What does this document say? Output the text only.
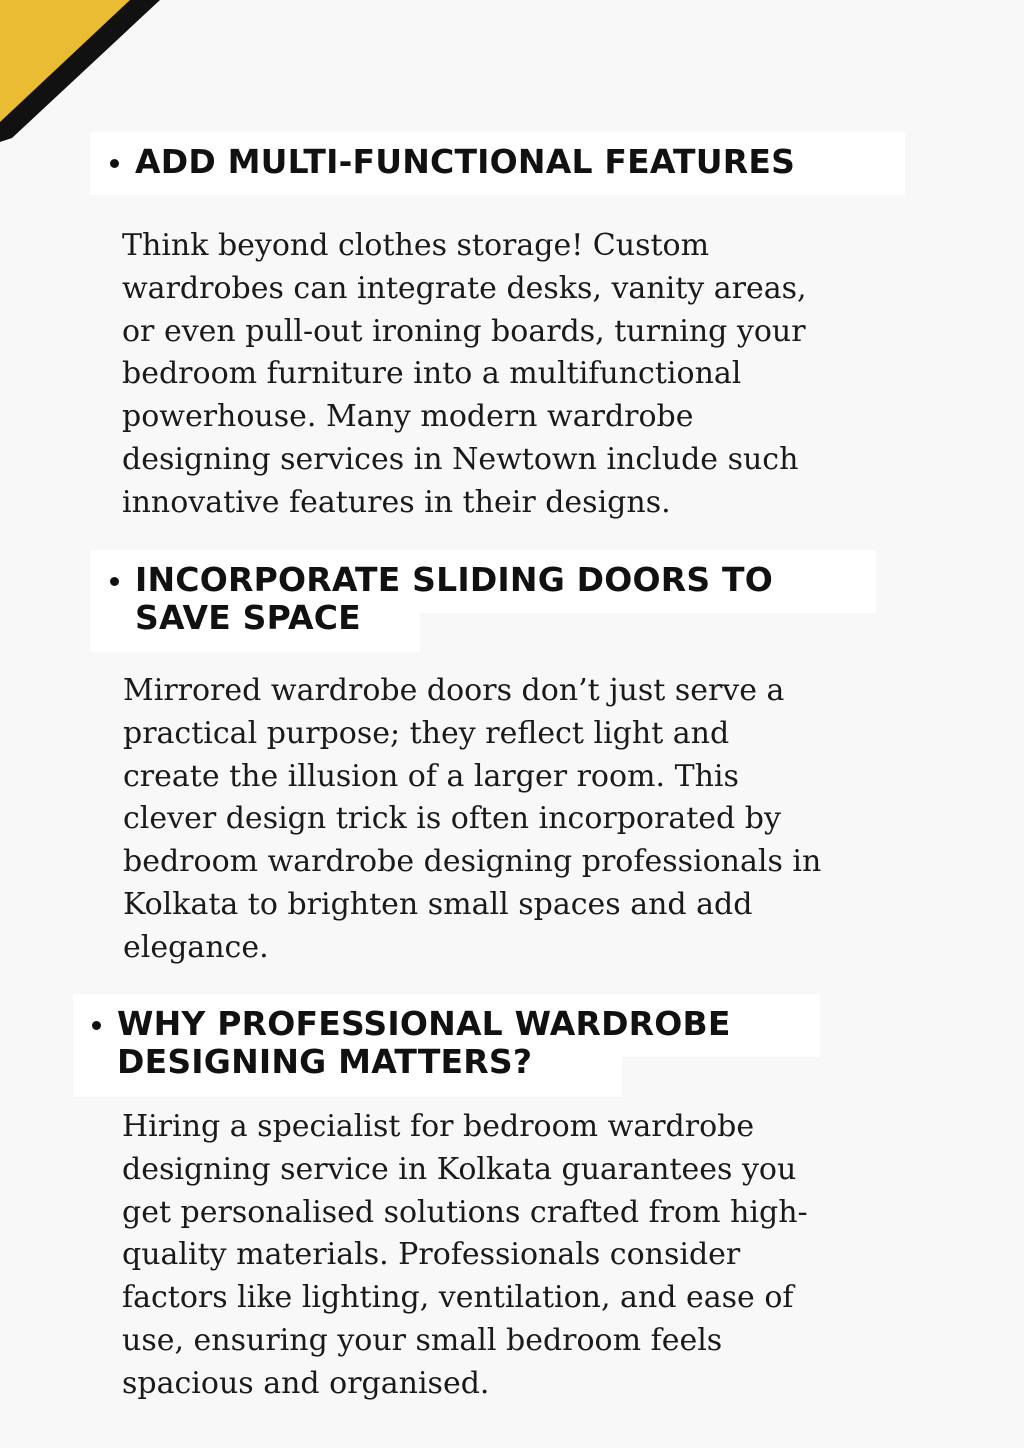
ADD MULTI-FUNCTIONAL FEATURES

Think beyond clothes storage! Custom
wardrobes can integrate desks, vanity areas,
or even pull-out ironing boards, turning your
bedroom furniture into a multifunctional
powerhouse. Many modern wardrobe
designing services in Newtown include such
innovative features in their designs.

INCORPORATE SLIDING DOORS TO
SAVE SPACE

Mirrored wardrobe doors don’t just serve a
practical purpose; they reflect light and
create the illusion of a larger room. This
clever design trick is often incorporated by
bedroom wardrobe designing professionals in
Kolkata to brighten small spaces and add
elegance.

WHY PROFESSIONAL WARDROBE
DESIGNING MATTERS?

Hiring a specialist for bedroom wardrobe
designing service in Kolkata guarantees you
get personalised solutions crafted from high-
quality materials. Professionals consider
factors like lighting, ventilation, and ease of
use, ensuring your small bedroom feels
spacious and organised.
